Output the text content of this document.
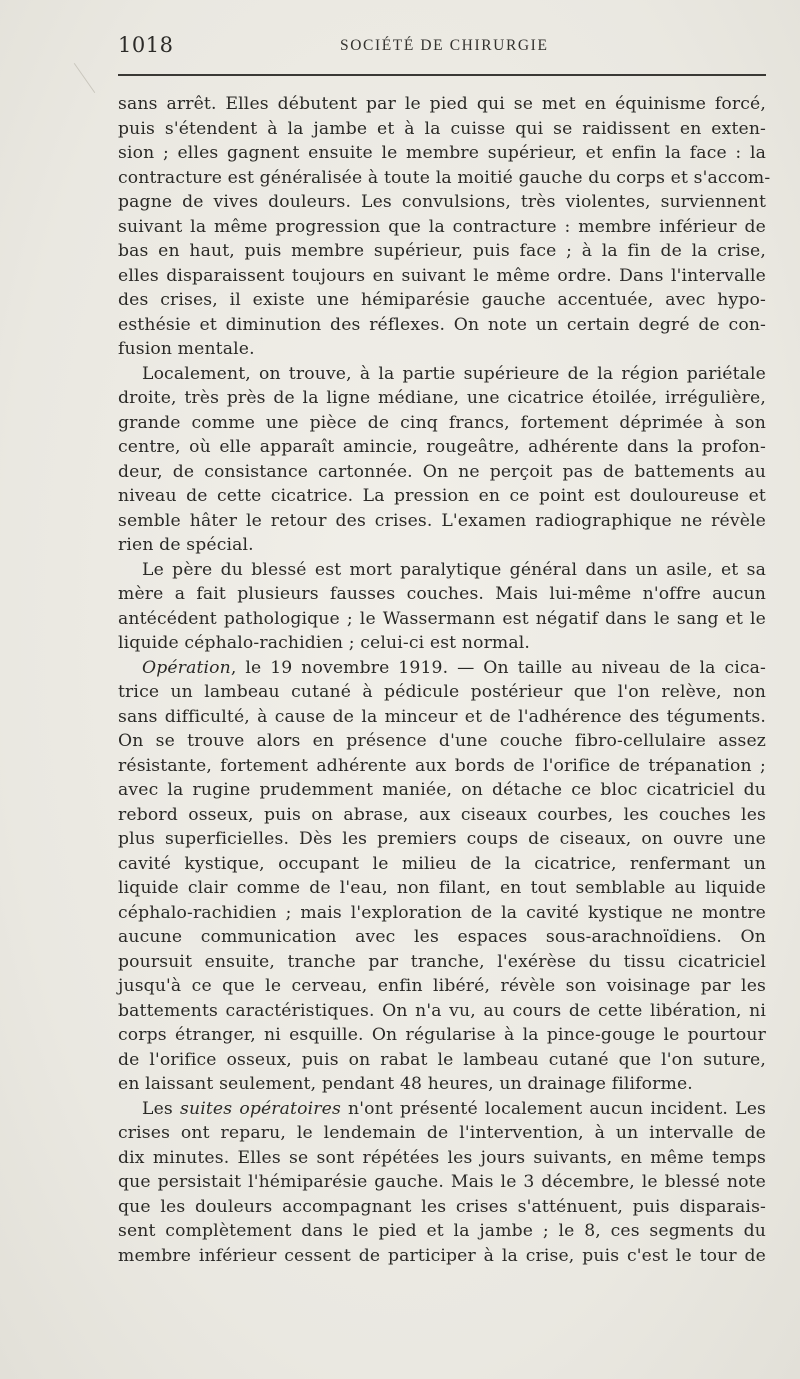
1018	SOCIÉTÉ DE CHIRURGIE
sans arrêt. Elles débutent par le pied qui se met en équinisme forcé,
puis s'étendent à la jambe et à la cuisse qui se raidissent en exten-
sion ; elles gagnent ensuite le membre supérieur, et enfin la face : la
contracture est généralisée à toute la moitié gauche du corps et s'accom-
pagne de vives douleurs. Les convulsions, très violentes, surviennent
suivant la même progression que la contracture : membre inférieur de
bas en haut, puis membre supérieur, puis face ; à la fin de la crise,
elles disparaissent toujours en suivant le même ordre. Dans l'intervalle
des crises, il existe une hémiparésie gauche accentuée, avec hypo-
esthésie et diminution des réflexes. On note un certain degré de con-
fusion mentale.
Localement, on trouve, à la partie supérieure de la région pariétale
droite, très près de la ligne médiane, une cicatrice étoilée, irrégulière,
grande comme une pièce de cinq francs, fortement déprimée à son
centre, où elle apparaît amincie, rougeâtre, adhérente dans la profon-
deur, de consistance cartonnée. On ne perçoit pas de battements au
niveau de cette cicatrice. La pression en ce point est douloureuse et
semble hâter le retour des crises. L'examen radiographique ne révèle
rien de spécial.
Le père du blessé est mort paralytique général dans un asile, et sa
mère a fait plusieurs fausses couches. Mais lui-même n'offre aucun
antécédent pathologique ; le Wassermann est négatif dans le sang et le
liquide céphalo-rachidien ; celui-ci est normal.
Opération, le 19 novembre 1919. — On taille au niveau de la cica-
trice un lambeau cutané à pédicule postérieur que l'on relève, non
sans difficulté, à cause de la minceur et de l'adhérence des téguments.
On se trouve alors en présence d'une couche fibro-cellulaire assez
résistante, fortement adhérente aux bords de l'orifice de trépanation ;
avec la rugine prudemment maniée, on détache ce bloc cicatriciel du
rebord osseux, puis on abrase, aux ciseaux courbes, les couches les
plus superficielles. Dès les premiers coups de ciseaux, on ouvre une
cavité kystique, occupant le milieu de la cicatrice, renfermant un
liquide clair comme de l'eau, non filant, en tout semblable au liquide
céphalo-rachidien ; mais l'exploration de la cavité kystique ne montre
aucune communication avec les espaces sous-arachnoïdiens. On
poursuit ensuite, tranche par tranche, l'exérèse du tissu cicatriciel
jusqu'à ce que le cerveau, enfin libéré, révèle son voisinage par les
battements caractéristiques. On n'a vu, au cours de cette libération, ni
corps étranger, ni esquille. On régularise à la pince-gouge le pourtour
de l'orifice osseux, puis on rabat le lambeau cutané que l'on suture,
en laissant seulement, pendant 48 heures, un drainage filiforme.
Les suites opératoires n'ont présenté localement aucun incident. Les
crises ont reparu, le lendemain de l'intervention, à un intervalle de
dix minutes. Elles se sont répétées les jours suivants, en même temps
que persistait l'hémiparésie gauche. Mais le 3 décembre, le blessé note
que les douleurs accompagnant les crises s'atténuent, puis disparais-
sent complètement dans le pied et la jambe ; le 8, ces segments du
membre inférieur cessent de participer à la crise, puis c'est le tour de
